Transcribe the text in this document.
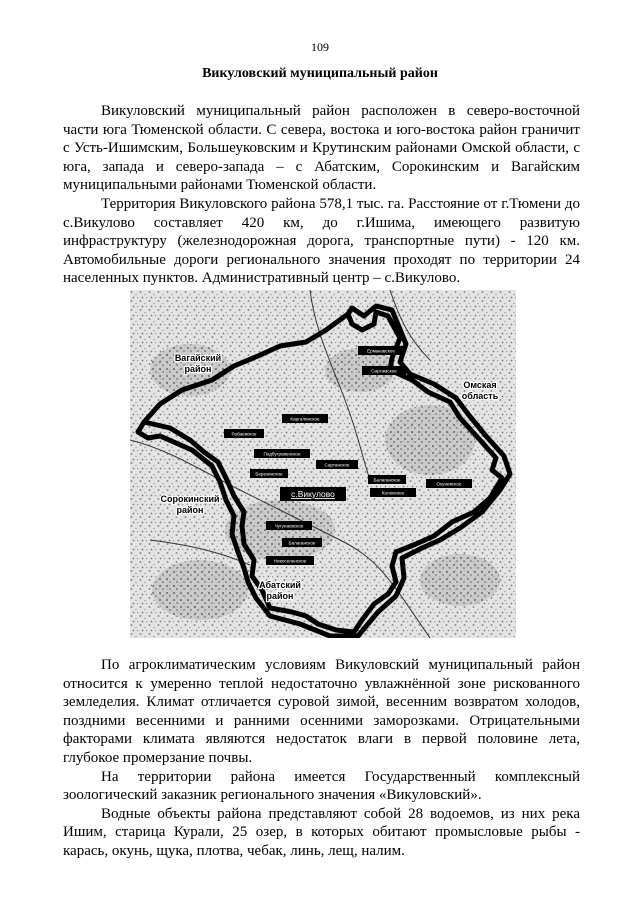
109
Викуловский муниципальный район

Викуловский муниципальный район расположен в северо-восточной части юга Тюменской области. С севера, востока и юго-востока район граничит с Усть-Ишимским, Большеуковским и Крутинским районами Омской области, с юга, запада и северо-запада – с Абатским, Сорокинским и Вагайским муниципальными районами Тюменской области.

Территория Викуловского района 578,1 тыс. га. Расстояние от г.Тюмени до с.Викулово составляет 420 км, до г.Ишима, имеющего развитую инфраструктуру (железнодорожная дорога, транспортные пути) - 120 км. Автомобильные дороги регионального значения проходят по территории 24 населенных пунктов. Административный центр – с.Викулово.

Вагайский
район
Омская
область
Сорокинский
район
Абатский
район
Ермаковское
Сартамское
Каргалинское
Рабаевское
Подбугровенское
Сартанское
Березинское
Балаганское
Коловское
Окуневское
с.Викулово
Чугунаевское
Балаганское
Новоселенское

По агроклиматическим условиям Викуловский муниципальный район относится к умеренно теплой недостаточно увлажнённой зоне рискованного земледелия. Климат отличается суровой зимой, весенним возвратом холодов, поздними весенними и ранними осенними заморозками. Отрицательными факторами климата являются недостаток влаги в первой половине лета, глубокое промерзание почвы.

На территории района имеется Государственный комплексный зоологический заказник регионального значения «Викуловский».

Водные объекты района представляют собой 28 водоемов, из них река Ишим, старица Курали, 25 озер, в которых обитают промысловые рыбы - карась, окунь, щука, плотва, чебак, линь, лещ, налим.
